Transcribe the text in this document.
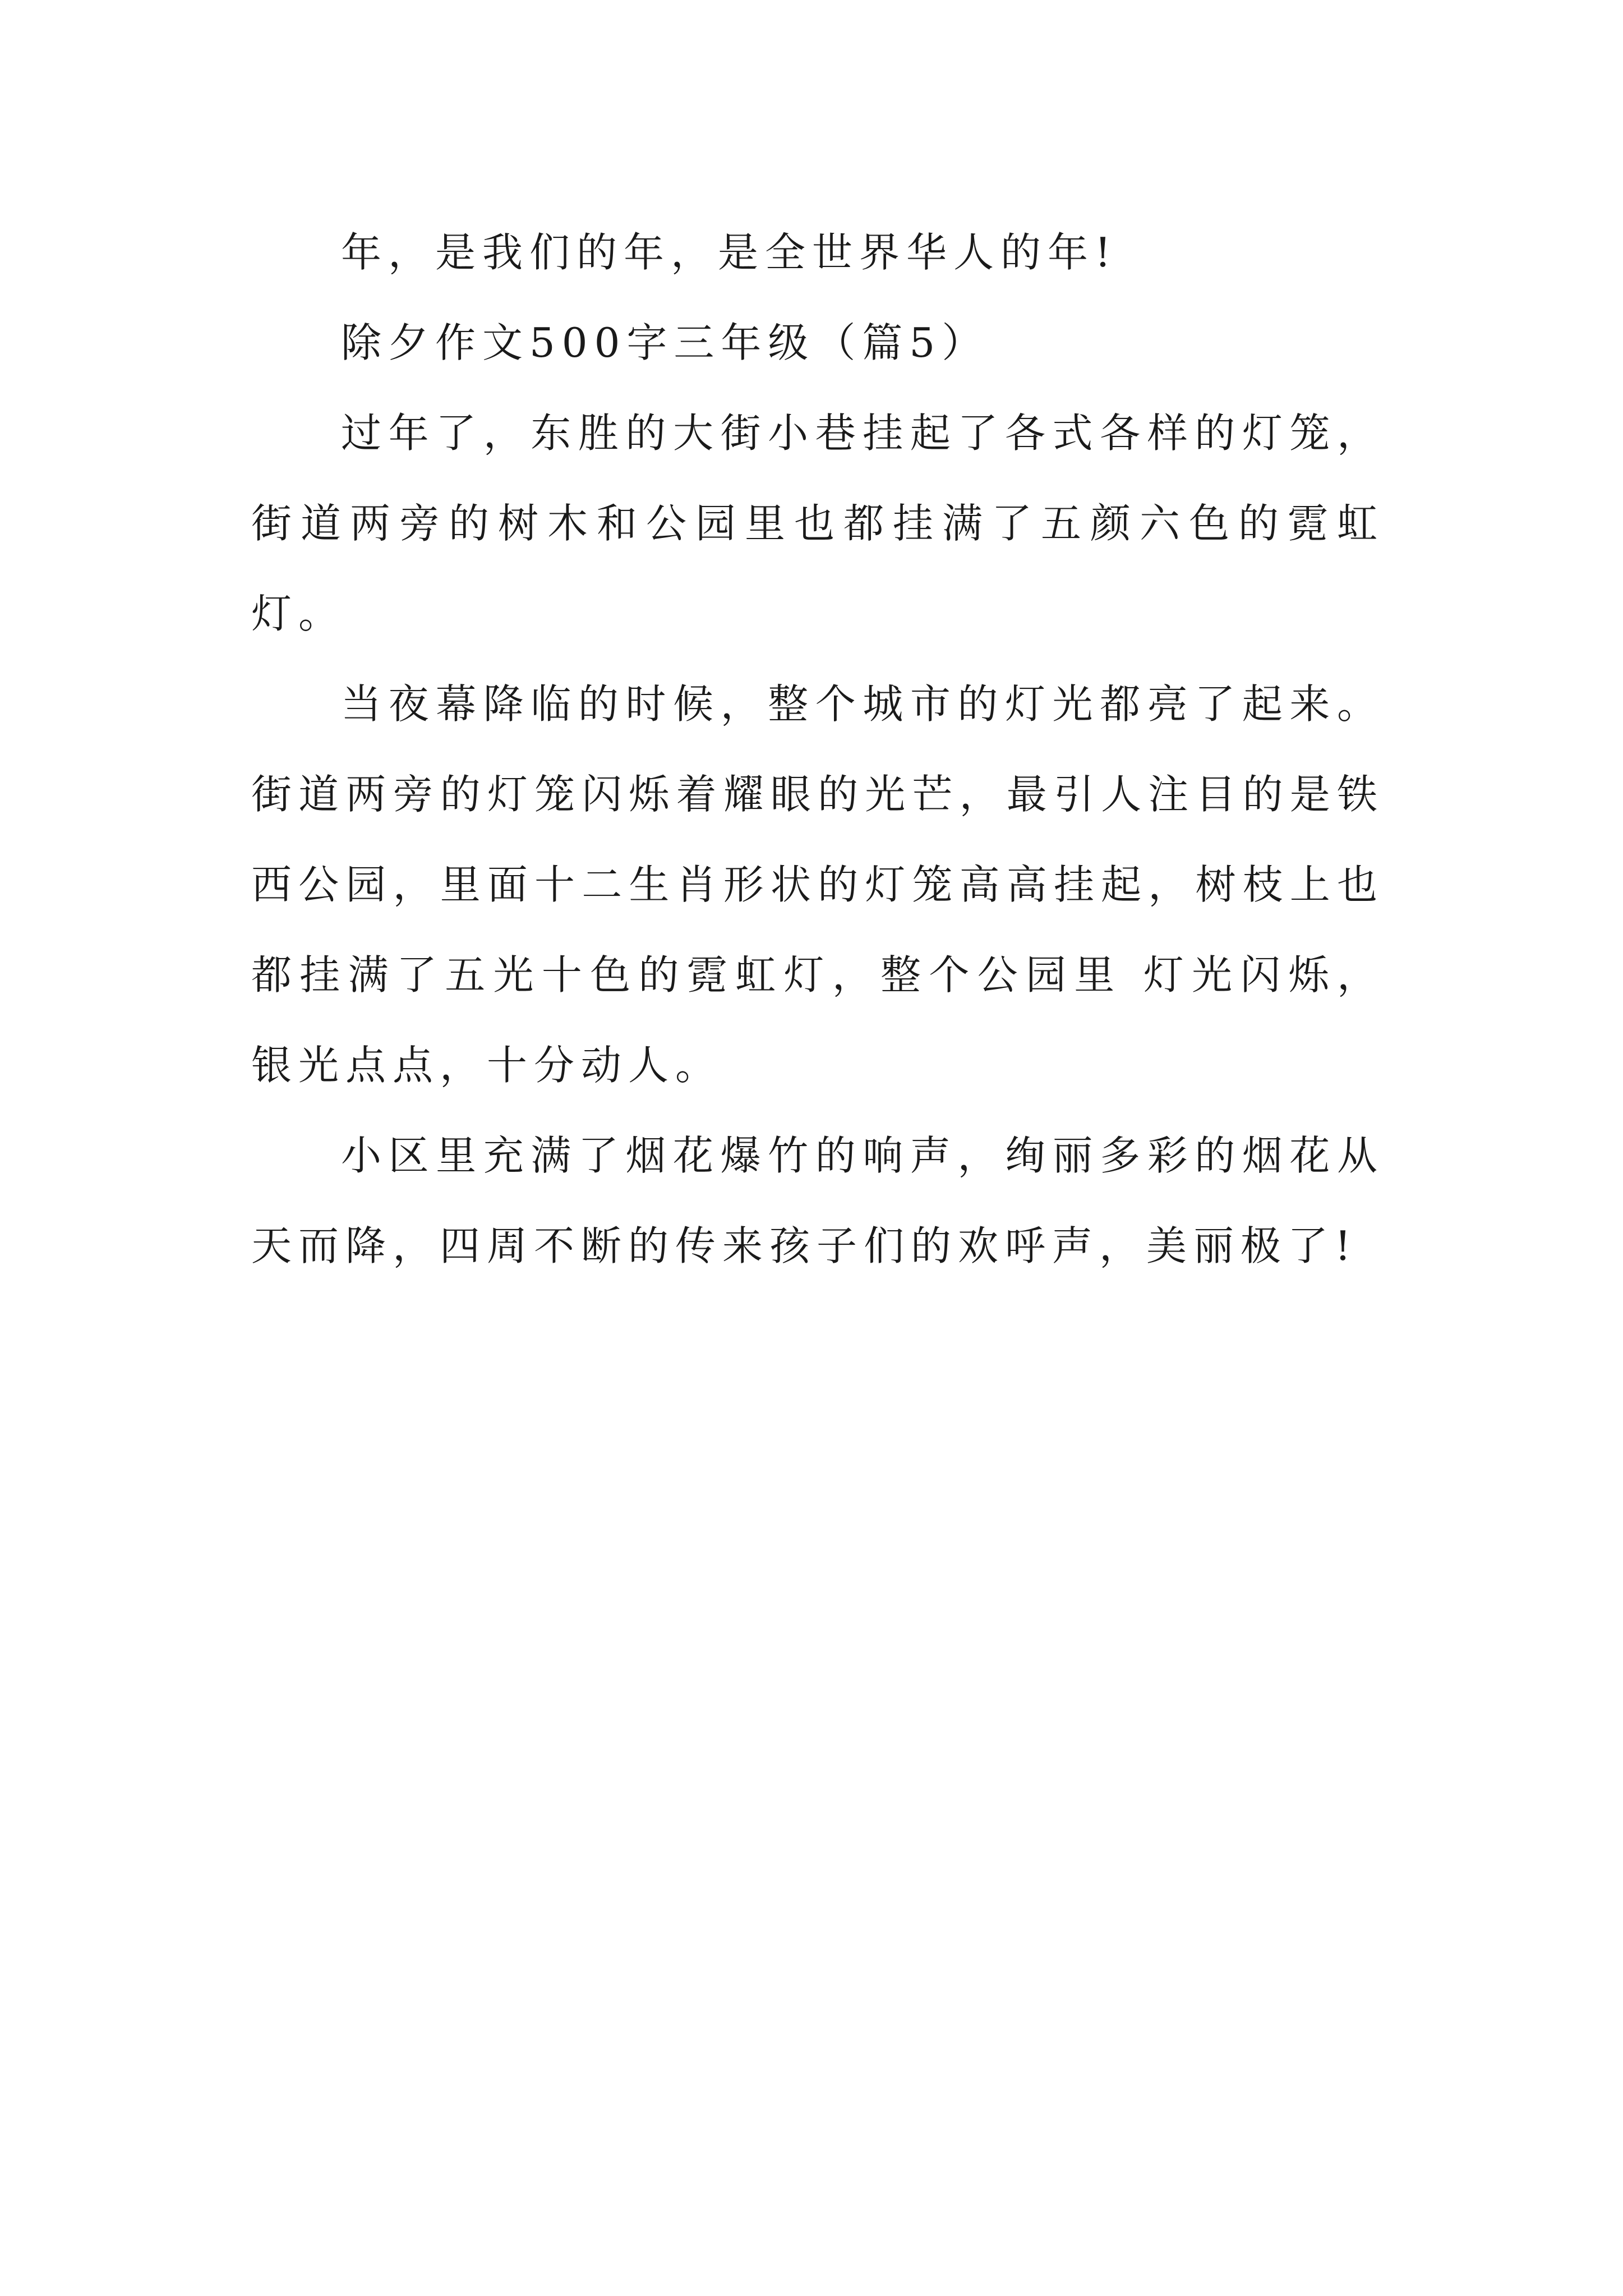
年，是我们的年，是全世界华人的年!

除夕作文500字三年级（篇5）

过年了，东胜的大街小巷挂起了各式各样的灯笼，街道两旁的树木和公园里也都挂满了五颜六色的霓虹灯。

当夜幕降临的时候，整个城市的灯光都亮了起来。街道两旁的灯笼闪烁着耀眼的光芒，最引人注目的是铁西公园，里面十二生肖形状的灯笼高高挂起，树枝上也都挂满了五光十色的霓虹灯，整个公园里 灯光闪烁，银光点点，十分动人。

小区里充满了烟花爆竹的响声，绚丽多彩的烟花从天而降，四周不断的传来孩子们的欢呼声，美丽极了!
